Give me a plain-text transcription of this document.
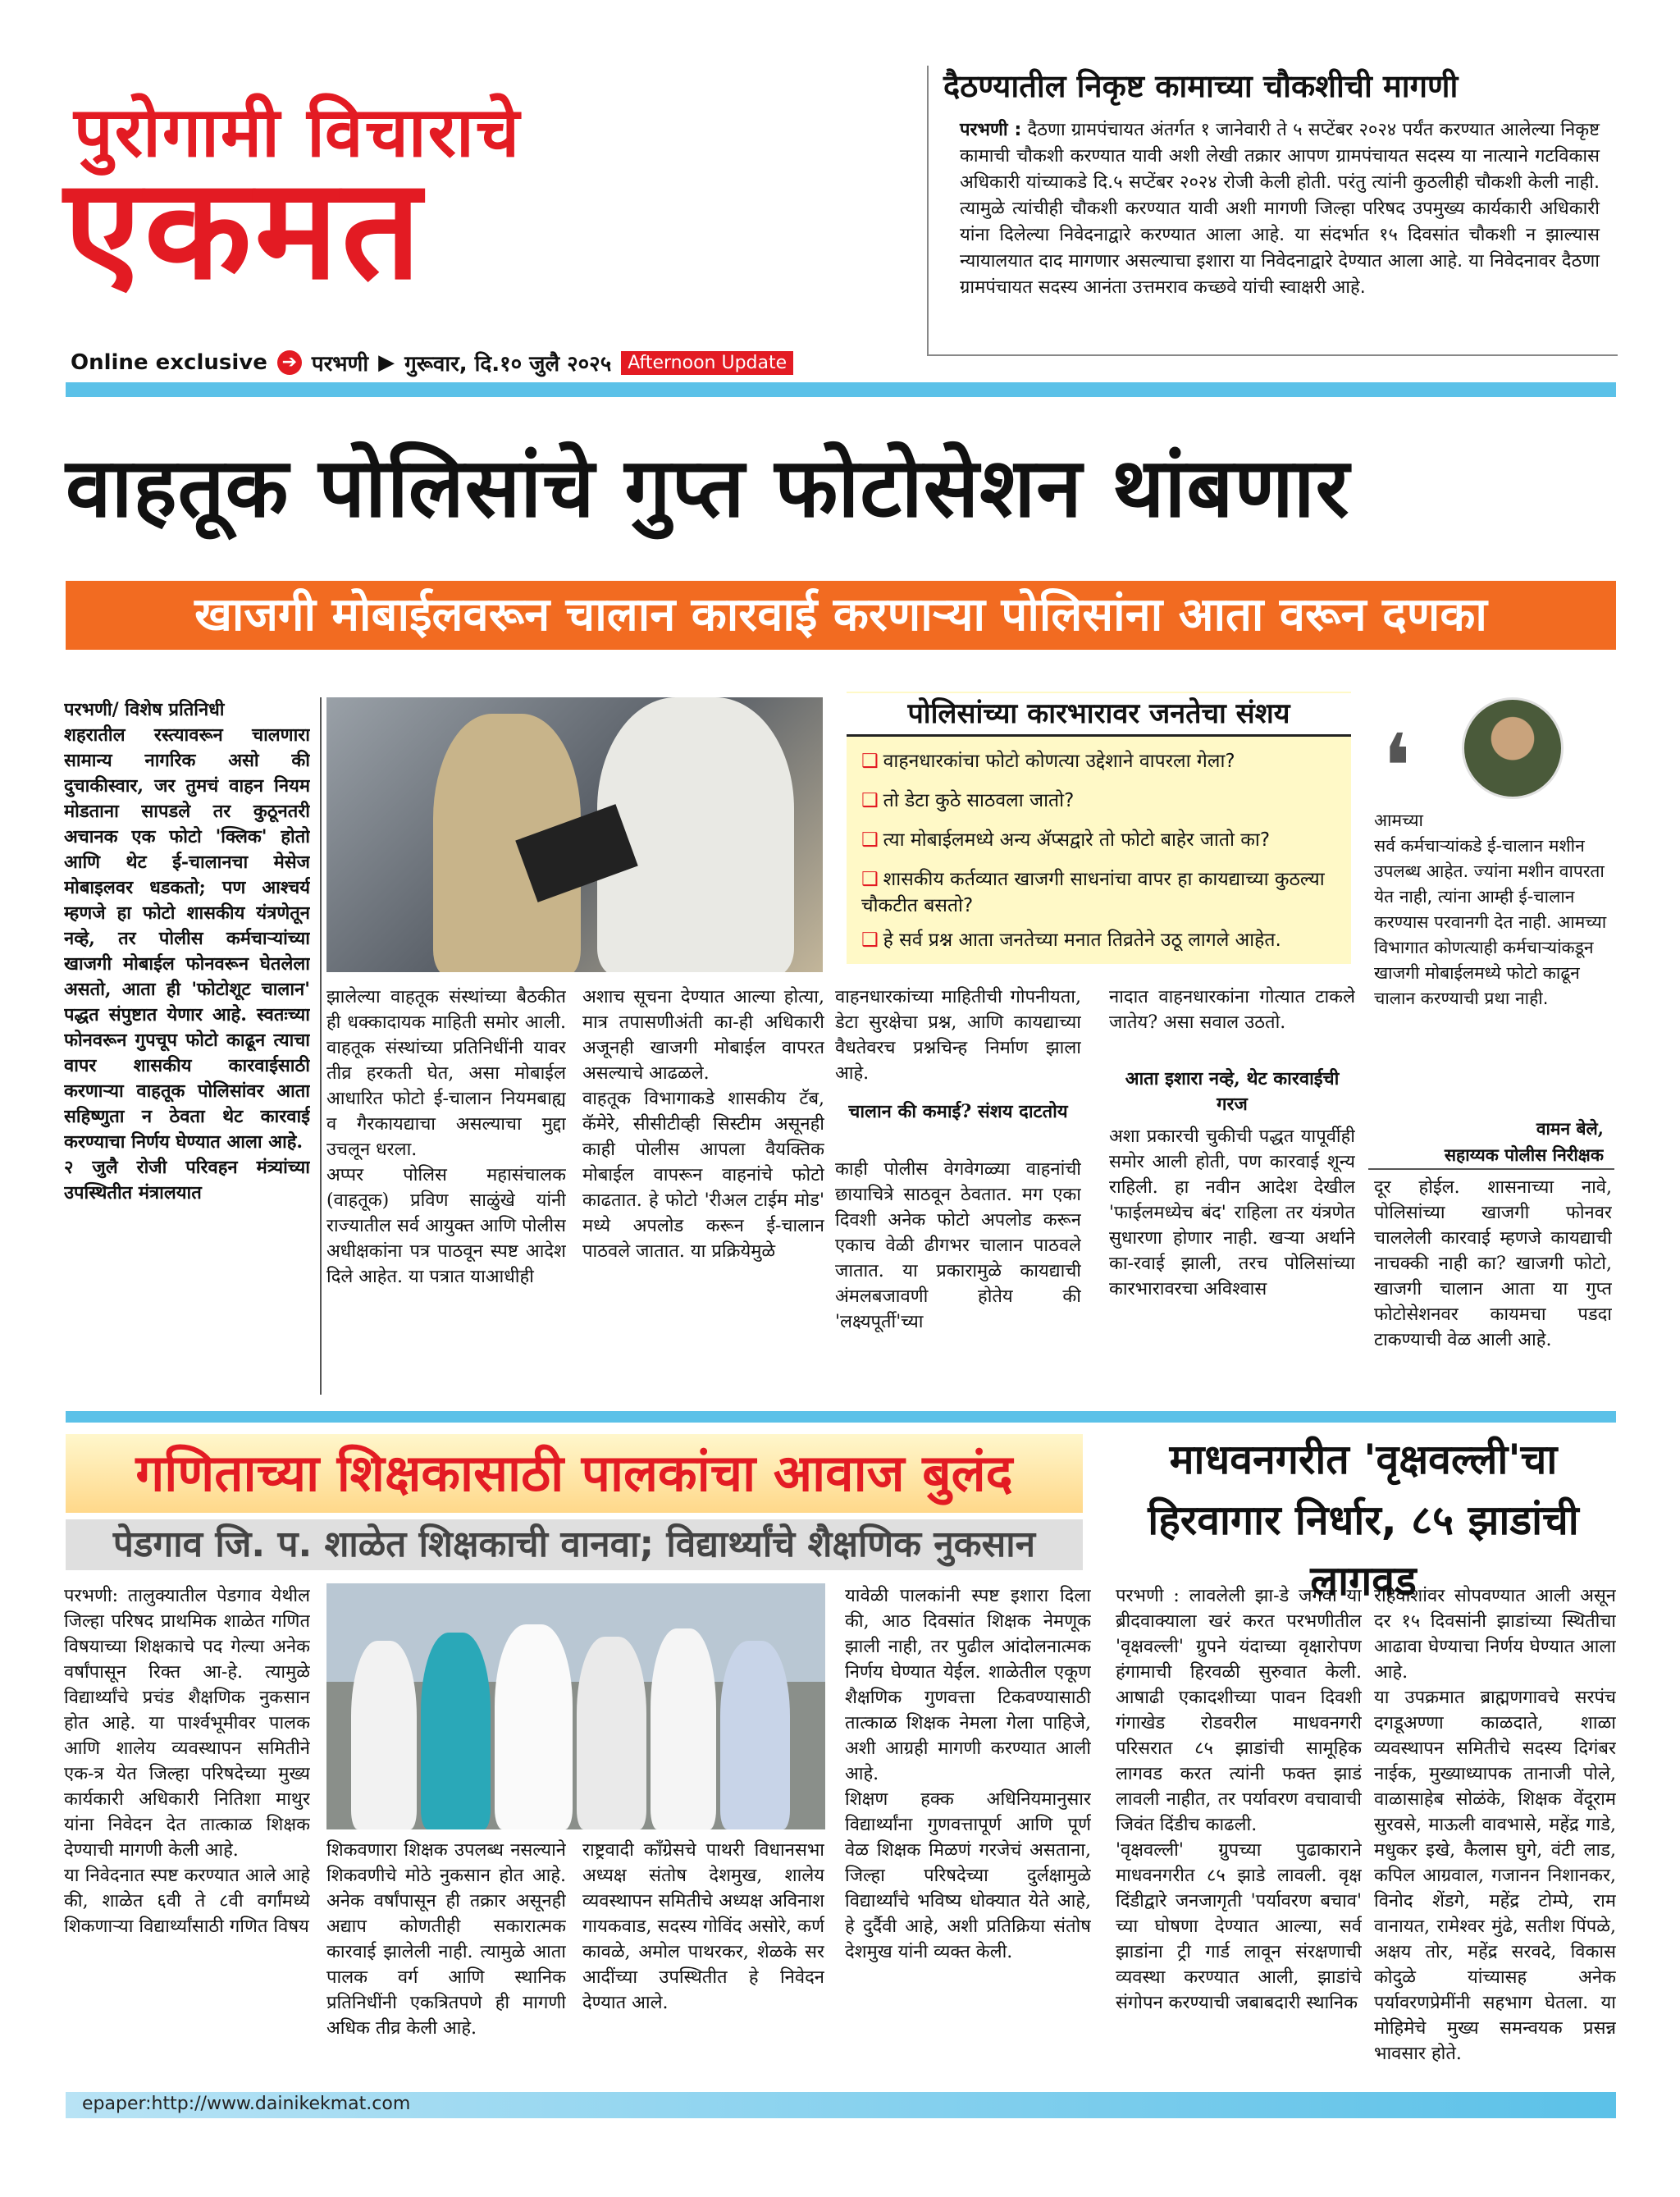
पुरोगामी विचाराचे
एकमत
Online exclusive ➔ परभणी ▶ गुरूवार, दि.१० जुलै २०२५ Afternoon Update
दैठण्यातील निकृष्ट कामाच्या चौकशीची मागणी
परभणी : दैठणा ग्रामपंचायत अंतर्गत १ जानेवारी ते ५ सप्टेंबर २०२४ पर्यंत करण्यात आलेल्या निकृष्ट कामाची चौकशी करण्यात यावी अशी लेखी तक्रार आपण ग्रामपंचायत सदस्य या नात्याने गटविकास अधिकारी यांच्याकडे दि.५ सप्टेंबर २०२४ रोजी केली होती. परंतु त्यांनी कुठलीही चौकशी केली नाही. त्यामुळे त्यांचीही चौकशी करण्यात यावी अशी मागणी जिल्हा परिषद उपमुख्य कार्यकारी अधिकारी यांना दिलेल्या निवेदनाद्वारे करण्यात आला आहे. या संदर्भात १५ दिवसांत चौकशी न झाल्यास न्यायालयात दाद मागणार असल्याचा इशारा या निवेदनाद्वारे देण्यात आला आहे. या निवेदनावर दैठणा ग्रामपंचायत सदस्य आनंता उत्तमराव कच्छवे यांची स्वाक्षरी आहे.
वाहतूक पोलिसांचे गुप्त फोटोसेशन थांबणार
खाजगी मोबाईलवरून चालान कारवाई करणाऱ्या पोलिसांना आता वरून दणका
परभणी/ विशेष प्रतिनिधी
शहरातील रस्त्यावरून चालणारा सामान्य नागरिक असो की दुचाकीस्वार, जर तुमचं वाहन नियम मोडताना सापडले तर कुठूनतरी अचानक एक फोटो 'क्लिक' होतो आणि थेट ई-चालानचा मेसेज मोबाइलवर धडकतो; पण आश्चर्य म्हणजे हा फोटो शासकीय यंत्रणेतून नव्हे, तर पोलीस कर्मचाऱ्यांच्या खाजगी मोबाईल फोनवरून घेतलेला असतो, आता ही 'फोटोशूट चालान' पद्धत संपुष्टात येणार आहे. स्वतःच्या फोनवरून गुपचूप फोटो काढून त्याचा वापर शासकीय कारवाईसाठी करणाऱ्या वाहतूक पोलिसांवर आता सहिष्णुता न ठेवता थेट कारवाई करण्याचा निर्णय घेण्यात आला आहे.
२ जुलै रोजी परिवहन मंत्र्यांच्या उपस्थितीत मंत्रालयात
झालेल्या वाहतूक संस्थांच्या बैठकीत ही धक्कादायक माहिती समोर आली. वाहतूक संस्थांच्या प्रतिनिधींनी यावर तीव्र हरकती घेत, असा मोबाईल आधारित फोटो ई-चालान नियमबाह्य व गैरकायद्याचा असल्याचा मुद्दा उचलून धरला.
अप्पर पोलिस महासंचालक (वाहतूक) प्रविण साळुंखे यांनी राज्यातील सर्व आयुक्त आणि पोलीस अधीक्षकांना पत्र पाठवून स्पष्ट आदेश दिले आहेत. या पत्रात याआधीही
अशाच सूचना देण्यात आल्या होत्या, मात्र तपासणीअंती का-ही अधिकारी अजूनही खाजगी मोबाईल वापरत असल्याचे आढळले.
वाहतूक विभागाकडे शासकीय टॅब, कॅमेरे, सीसीटीव्ही सिस्टीम असूनही काही पोलीस आपला वैयक्तिक मोबाईल वापरून वाहनांचे फोटो काढतात. हे फोटो 'रीअल टाईम मोड' मध्ये अपलोड करून ई-चालान पाठवले जातात. या प्रक्रियेमुळे
पोलिसांच्या कारभारावर जनतेचा संशय
❑ वाहनधारकांचा फोटो कोणत्या उद्देशाने वापरला गेला?
❑ तो डेटा कुठे साठवला जातो?
❑ त्या मोबाईलमध्ये अन्य ॲप्सद्वारे तो फोटो बाहेर जातो का?
❑ शासकीय कर्तव्यात खाजगी साधनांचा वापर हा कायद्याच्या कुठल्या चौकटीत बसतो?
❑ हे सर्व प्रश्न आता जनतेच्या मनात तिव्रतेने उठू लागले आहेत.
वाहनधारकांच्या माहितीची गोपनीयता, डेटा सुरक्षेचा प्रश्न, आणि कायद्याच्या वैधतेवरच प्रश्नचिन्ह निर्माण झाला आहे.
चालान की कमाई? संशय दाटतोय
काही पोलीस वेगवेगळ्या वाहनांची छायाचित्रे साठवून ठेवतात. मग एका दिवशी अनेक फोटो अपलोड करून एकाच वेळी ढीगभर चालान पाठवले जातात. या प्रकारामुळे कायद्याची अंमलबजावणी होतेय की 'लक्ष्यपूर्ती'च्या
नादात वाहनधारकांना गोत्यात टाकले जातेय? असा सवाल उठतो.
आता इशारा नव्हे, थेट कारवाईची गरज
अशा प्रकारची चुकीची पद्धत यापूर्वीही समोर आली होती, पण कारवाई शून्य राहिली. हा नवीन आदेश देखील 'फाईलमध्येच बंद' राहिला तर यंत्रणेत सुधारणा होणार नाही. खऱ्या अर्थाने का-रवाई झाली, तरच पोलिसांच्या कारभारावरचा अविश्वास
❛
आमच्या
सर्व कर्मचाऱ्यांकडे ई-चालान मशीन उपलब्ध आहेत. ज्यांना मशीन वापरता येत नाही, त्यांना आम्ही ई-चालान करण्यास परवानगी देत नाही. आमच्या विभागात कोणत्याही कर्मचाऱ्यांकडून खाजगी मोबाईलमध्ये फोटो काढून चालान करण्याची प्रथा नाही.
वामन बेले,
सहाय्यक पोलीस निरीक्षक
दूर होईल. शासनाच्या नावे, पोलिसांच्या खाजगी फोनवर चाललेली कारवाई म्हणजे कायद्याची नाचक्की नाही का? खाजगी फोटो, खाजगी चालान आता या गुप्त फोटोसेशनवर कायमचा पडदा टाकण्याची वेळ आली आहे.
गणिताच्या शिक्षकासाठी पालकांचा आवाज बुलंद
पेडगाव जि. प. शाळेत शिक्षकाची वानवा; विद्यार्थ्यांचे शैक्षणिक नुकसान
परभणी: तालुक्यातील पेडगाव येथील जिल्हा परिषद प्राथमिक शाळेत गणित विषयाच्या शिक्षकाचे पद गेल्या अनेक वर्षांपासून रिक्त आ-हे. त्यामुळे विद्यार्थ्यांचे प्रचंड शैक्षणिक नुकसान होत आहे. या पार्श्वभूमीवर पालक आणि शालेय व्यवस्थापन समितीने एक-त्र येत जिल्हा परिषदेच्या मुख्य कार्यकारी अधिकारी नितिशा माथुर यांना निवेदन देत तात्काळ शिक्षक देण्याची मागणी केली आहे.
या निवेदनात स्पष्ट करण्यात आले आहे की, शाळेत ६वी ते ८वी वर्गांमध्ये शिकणाऱ्या विद्यार्थ्यांसाठी गणित विषय
शिकवणारा शिक्षक उपलब्ध नसल्याने शिकवणीचे मोठे नुकसान होत आहे. अनेक वर्षांपासून ही तक्रार असूनही अद्याप कोणतीही सकारात्मक कारवाई झालेली नाही. त्यामुळे आता पालक वर्ग आणि स्थानिक प्रतिनिधींनी एकत्रितपणे ही मागणी अधिक तीव्र केली आहे.
राष्ट्रवादी काँग्रेसचे पाथरी विधानसभा अध्यक्ष संतोष देशमुख, शालेय व्यवस्थापन समितीचे अध्यक्ष अविनाश गायकवाड, सदस्य गोविंद असोरे, कर्ण कावळे, अमोल पाथरकर, शेळके सर आदींच्या उपस्थितीत हे निवेदन देण्यात आले.
यावेळी पालकांनी स्पष्ट इशारा दिला की, आठ दिवसांत शिक्षक नेमणूक झाली नाही, तर पुढील आंदोलनात्मक निर्णय घेण्यात येईल. शाळेतील एकूण शैक्षणिक गुणवत्ता टिकवण्यासाठी तात्काळ शिक्षक नेमला गेला पाहिजे, अशी आग्रही मागणी करण्यात आली आहे.
शिक्षण हक्क अधिनियमानुसार विद्यार्थ्यांना गुणवत्तापूर्ण आणि पूर्ण वेळ शिक्षक मिळणं गरजेचं असताना, जिल्हा परिषदेच्या दुर्लक्षामुळे विद्यार्थ्यांचे भविष्य धोक्यात येते आहे, हे दुर्दैवी आहे, अशी प्रतिक्रिया संतोष देशमुख यांनी व्यक्त केली.
माधवनगरीत 'वृक्षवल्ली'चा हिरवागार निर्धार, ८५ झाडांची लागवड
परभणी : लावलेली झा-डे जगवा या ब्रीदवाक्याला खरं करत परभणीतील 'वृक्षवल्ली' ग्रुपने यंदाच्या वृक्षारोपण हंगामाची हिरवळी सुरुवात केली. आषाढी एकादशीच्या पावन दिवशी गंगाखेड रोडवरील माधवनगरी परिसरात ८५ झाडांची सामूहिक लागवड करत त्यांनी फक्त झाडं लावली नाहीत, तर पर्यावरण वचावाची जिवंत दिंडीच काढली.
'वृक्षवल्ली' ग्रुपच्या पुढाकाराने माधवनगरीत ८५ झाडे लावली. वृक्ष दिंडीद्वारे जनजागृती 'पर्यावरण बचाव' च्या घोषणा देण्यात आल्या, सर्व झाडांना ट्री गार्ड लावून संरक्षणाची व्यवस्था करण्यात आली, झाडांचे संगोपन करण्याची जबाबदारी स्थानिक
रहिवाशांवर सोपवण्यात आली असून दर १५ दिवसांनी झाडांच्या स्थितीचा आढावा घेण्याचा निर्णय घेण्यात आला आहे.
या उपक्रमात ब्राह्मणगावचे सरपंच दगडूअण्णा काळदाते, शाळा व्यवस्थापन समितीचे सदस्य दिगंबर नाईक, मुख्याध्यापक तानाजी पोले, वाळासाहेब सोळंके, शिक्षक वेंदूराम सुरवसे, माऊली वावभासे, महेंद्र गाडे, मधुकर इखे, कैलास घुगे, वंटी लाड, कपिल आग्रवाल, गजानन निशानकर, विनोद शेंडगे, महेंद्र टोम्पे, राम वानायत, रामेश्वर मुंढे, सतीश पिंपळे, अक्षय तोर, महेंद्र सरवदे, विकास कोदुळे यांच्यासह अनेक पर्यावरणप्रेमींनी सहभाग घेतला. या मोहिमेचे मुख्य समन्वयक प्रसन्न भावसार होते.
epaper:http://www.dainikekmat.com
